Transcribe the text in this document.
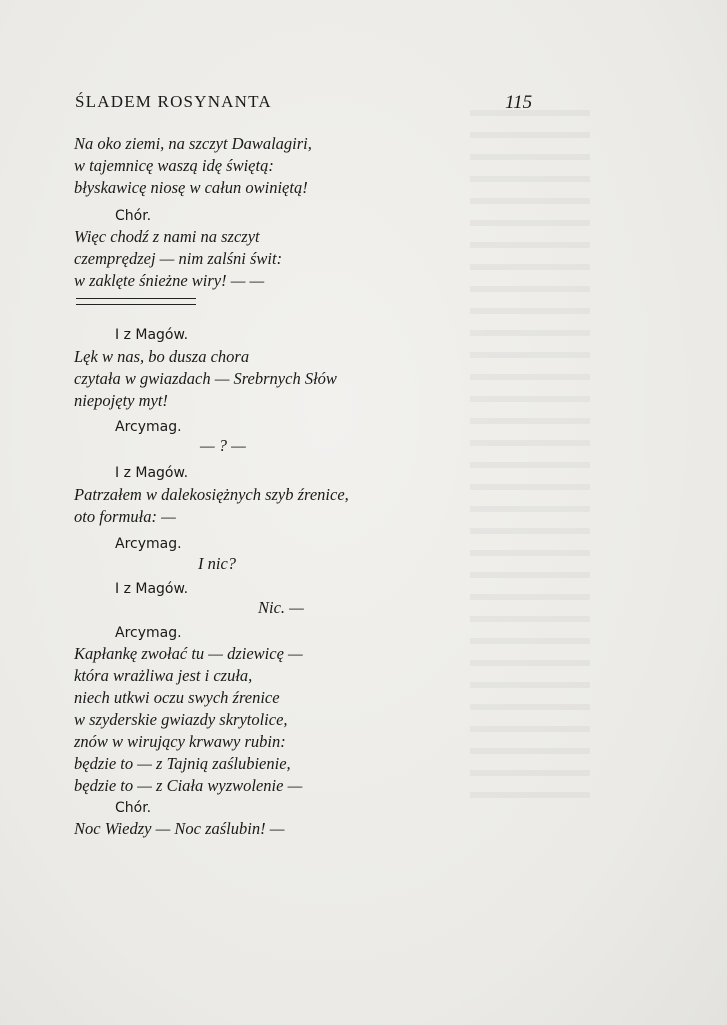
ŚLADEM ROSYNANTA	115
Na oko ziemi, na szczyt Dawalagiri,
w tajemnicę waszą idę świętą:
błyskawicę niosę w całun owiniętą!
Chór.
Więc chodź z nami na szczyt
czemprędzej — nim zalśni świt:
w zaklęte śnieżne wiry! — —
I z Magów.
Lęk w nas, bo dusza chora
czytała w gwiazdach — Srebrnych Słów
niepojęty myt!
Arcymag.
— ? —
I z Magów.
Patrzałem w dalekosiężnych szyb źrenice,
oto formuła: —
Arcymag.
I nic?
I z Magów.
Nic. —
Arcymag.
Kapłankę zwołać tu — dziewicę —
która wrażliwa jest i czuła,
niech utkwi oczu swych źrenice
w szyderskie gwiazdy skrytolice,
znów w wirujący krwawy rubin:
będzie to — z Tajnią zaślubienie,
będzie to — z Ciała wyzwolenie —
Chór.
Noc Wiedzy — Noc zaślubin! —
